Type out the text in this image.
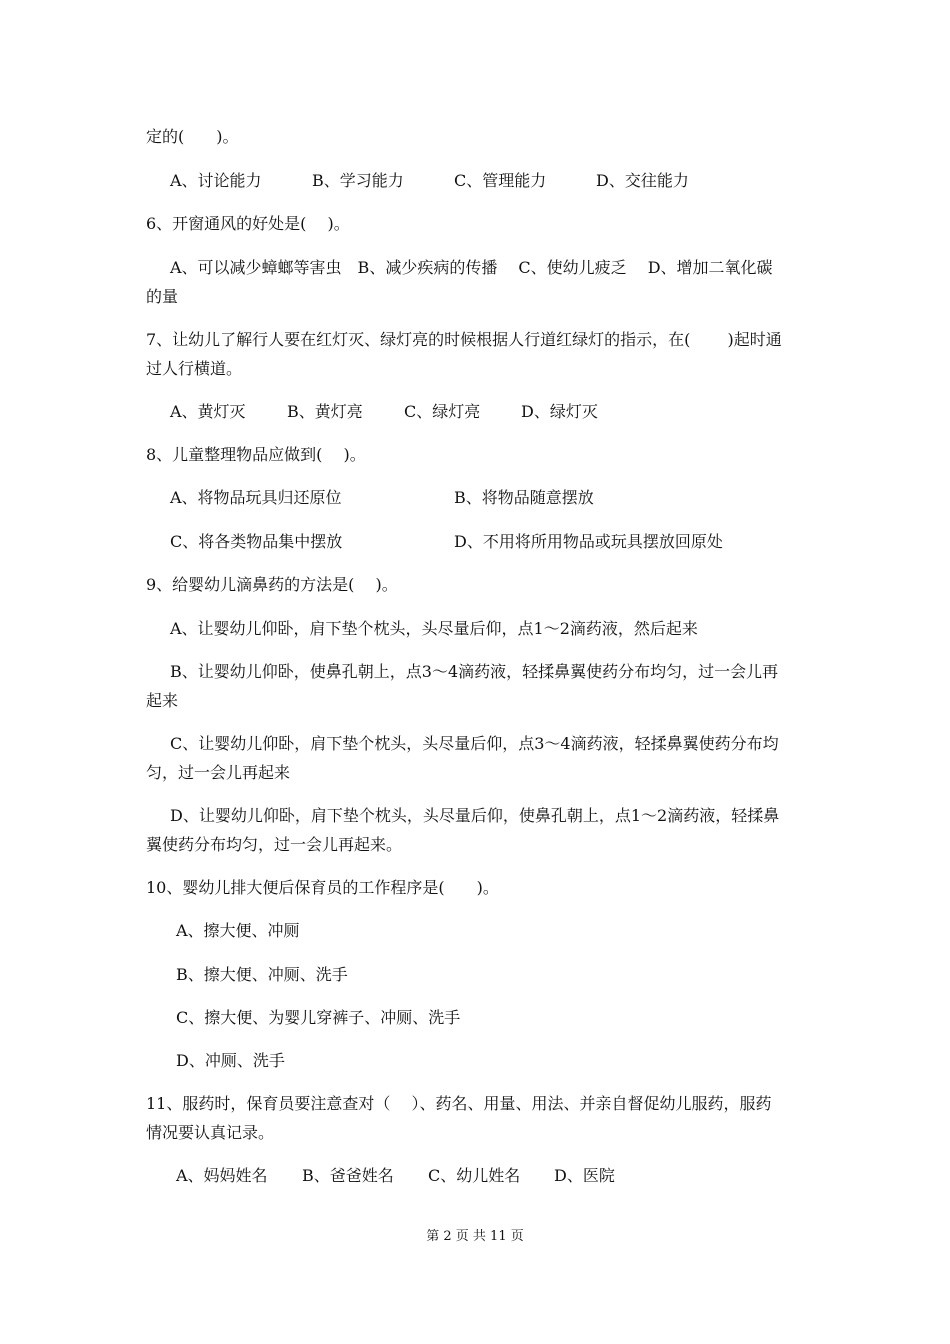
定的(　　)。
A、讨论能力	B、学习能力	C、管理能力	D、交往能力
6、开窗通风的好处是(　 )。
A、可以减少蟑螂等害虫　B、减少疾病的传播　 C、使幼儿疲乏　 D、增加二氧化碳
的量
7、让幼儿了解行人要在红灯灭、绿灯亮的时候根据人行道红绿灯的指示，在(　　 )起时通
过人行横道。
A、黄灯灭	B、黄灯亮	C、绿灯亮	D、绿灯灭
8、儿童整理物品应做到(　 )。
A、将物品玩具归还原位	B、将物品随意摆放
C、将各类物品集中摆放	D、不用将所用物品或玩具摆放回原处
9、给婴幼儿滴鼻药的方法是(　 )。
A、让婴幼儿仰卧，肩下垫个枕头，头尽量后仰，点1～2滴药液，然后起来
B、让婴幼儿仰卧，使鼻孔朝上，点3～4滴药液，轻揉鼻翼使药分布均匀，过一会儿再
起来
C、让婴幼儿仰卧，肩下垫个枕头，头尽量后仰，点3～4滴药液，轻揉鼻翼使药分布均
匀，过一会儿再起来
D、让婴幼儿仰卧，肩下垫个枕头，头尽量后仰，使鼻孔朝上，点1～2滴药液，轻揉鼻
翼使药分布均匀，过一会儿再起来。
10、婴幼儿排大便后保育员的工作程序是(　　)。
A、擦大便、冲厕
B、擦大便、冲厕、洗手
C、擦大便、为婴儿穿裤子、冲厕、洗手
D、冲厕、洗手
11、服药时，保育员要注意查对（　 ）、药名、用量、用法、并亲自督促幼儿服药，服药
情况要认真记录。
A、妈妈姓名	B、爸爸姓名	C、幼儿姓名	D、医院
第 2 页 共 11 页
